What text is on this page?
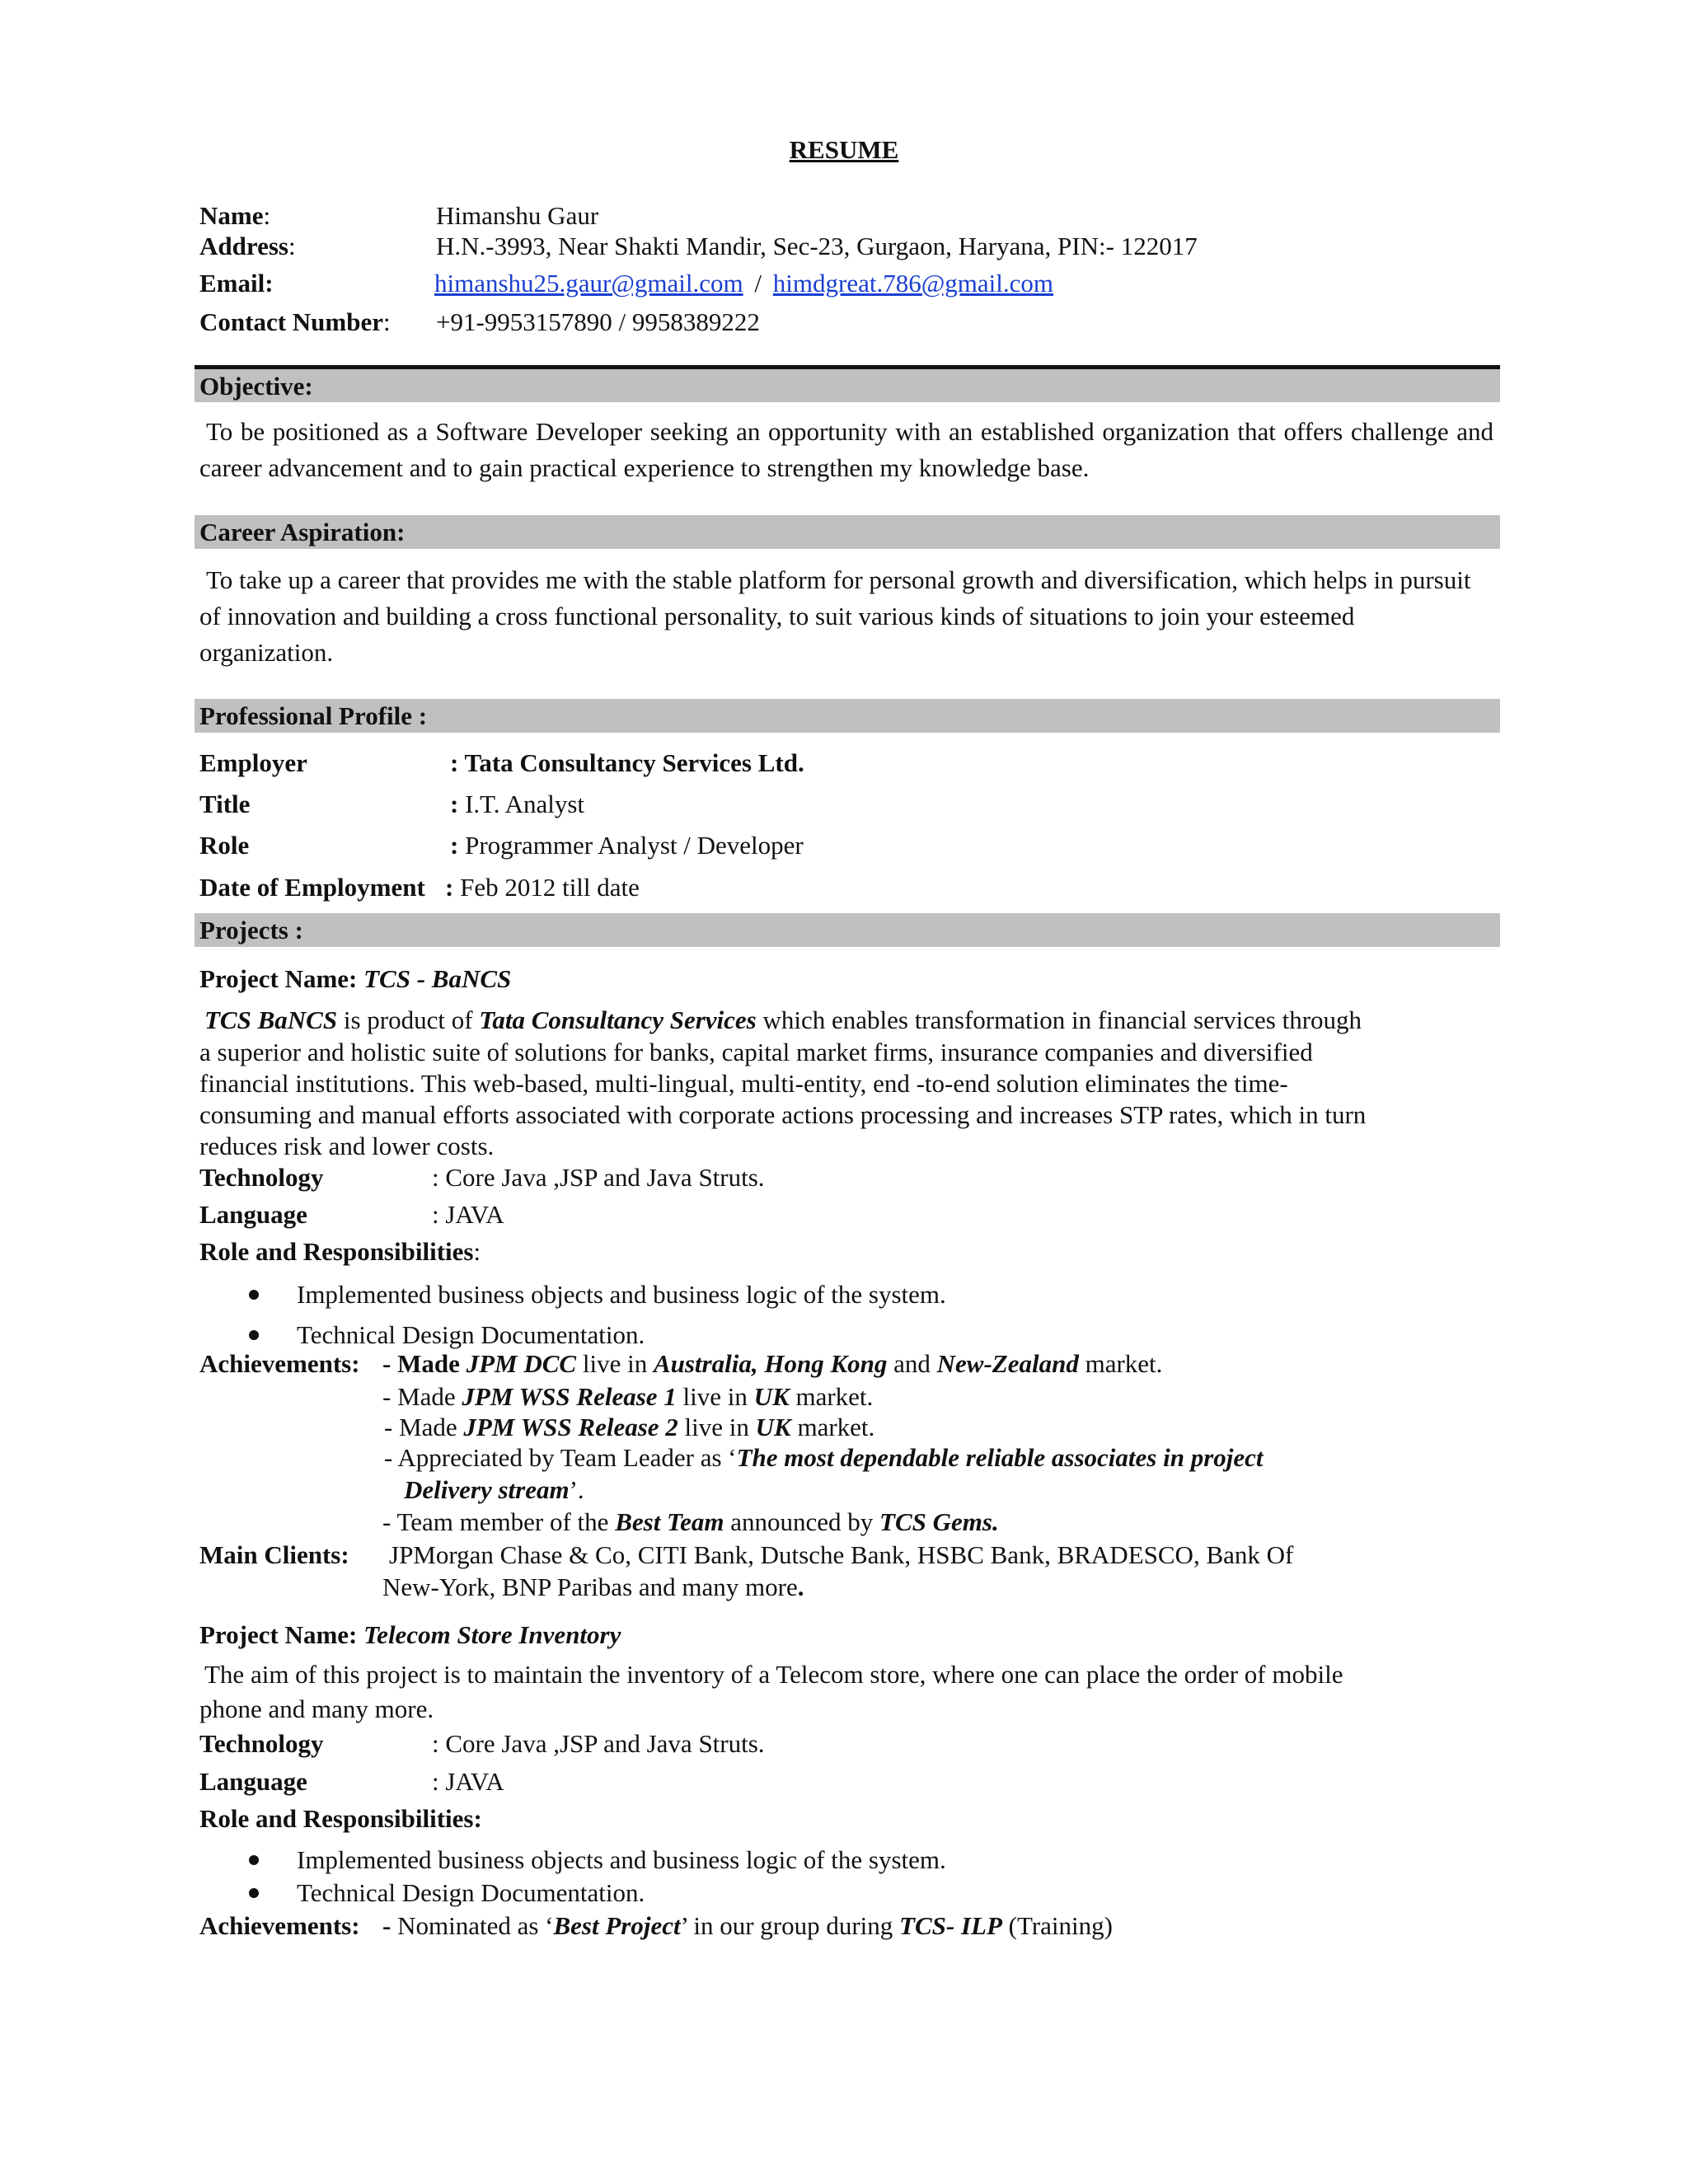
RESUME
Name:	Himanshu Gaur
Address:	H.N.-3993, Near Shakti Mandir, Sec-23, Gurgaon, Haryana, PIN:- 122017
Email:	himanshu25.gaur@gmail.com / himdgreat.786@gmail.com
Contact Number: +91-9953157890 / 9958389222
Objective:
To be positioned as a Software Developer seeking an opportunity with an established organization that offers challenge and career advancement and to gain practical experience to strengthen my knowledge base.
Career Aspiration:
To take up a career that provides me with the stable platform for personal growth and diversification, which helps in pursuit of innovation and building a cross functional personality, to suit various kinds of situations to join your esteemed organization.
Professional Profile :
Employer	: Tata Consultancy Services Ltd.
Title	: I.T. Analyst
Role	: Programmer Analyst / Developer
Date of Employment : Feb 2012 till date
Projects :
Project Name: TCS - BaNCS
TCS BaNCS is product of Tata Consultancy Services which enables transformation in financial services through
a superior and holistic suite of solutions for banks, capital market firms, insurance companies and diversified
financial institutions. This web-based, multi-lingual, multi-entity, end -to-end solution eliminates the time-
consuming and manual efforts associated with corporate actions processing and increases STP rates, which in turn
reduces risk and lower costs.
Technology	: Core Java ,JSP and Java Struts.
Language	: JAVA
Role and Responsibilities:
Implemented business objects and business logic of the system.
Technical Design Documentation.
Achievements: - Made JPM DCC live in Australia, Hong Kong and New-Zealand market.
- Made JPM WSS Release 1 live in UK market.
- Made JPM WSS Release 2 live in UK market.
- Appreciated by Team Leader as ‘The most dependable reliable associates in project
Delivery stream’.
- Team member of the Best Team announced by TCS Gems.
Main Clients: JPMorgan Chase & Co, CITI Bank, Dutsche Bank, HSBC Bank, BRADESCO, Bank Of
New-York, BNP Paribas and many more.
Project Name: Telecom Store Inventory
The aim of this project is to maintain the inventory of a Telecom store, where one can place the order of mobile
phone and many more.
Technology	: Core Java ,JSP and Java Struts.
Language	: JAVA
Role and Responsibilities:
Implemented business objects and business logic of the system.
Technical Design Documentation.
Achievements: - Nominated as ‘Best Project’ in our group during TCS- ILP (Training)
